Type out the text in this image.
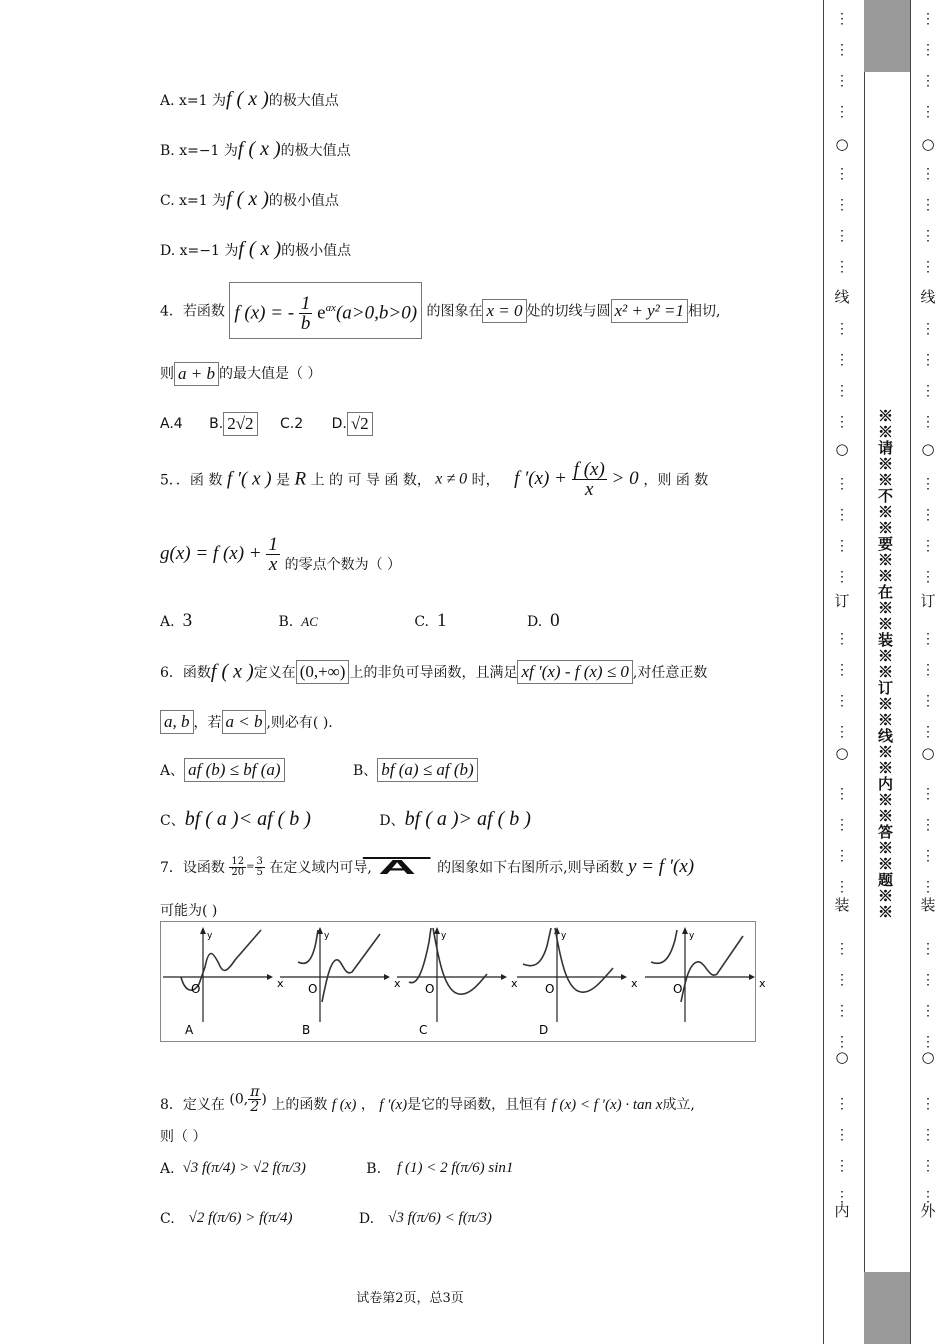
A. x=1 为f ( x )的极大值点
B. x=−1 为f ( x )的极大值点
C. x=1 为f ( x )的极小值点
D. x=−1 为f ( x )的极小值点
4．若函数 f (x) = - $\frac{1}{b} e^{ax}(a>0,b>0)$ 的图象在 x = 0 处的切线与圆 x² + y² =1 相切,
则 a + b 的最大值是（ ）
A.4 B. 2√2 C.2 D. √2
5．．函 数 f ′( x ) 是 R 上 的 可 导 函 数， x ≠ 0 时， f $'(x) + \frac{f (x)}{x} > 0$ ，则 函 数
g(x) = f $(x) + \frac{1}{x}$ 的零点个数为（ ）
A. 3	B. AC	C. 1	D. 0
6．函数f ( x )定义在 (0,+∞) 上的非负可导函数，且满足 xf ′(x) - f (x) ≤ 0 ,对任意正数
a, b ，若 a < b ,则必有( ).
A、 af (b) ≤ bf (a)	B、 bf (a) ≤ af (b)
C、bf ( a )< af ( b )	D、bf ( a )> af ( b )
7．设函数 $\frac{12}{20} = \frac{3}{5}$ 在定义域内可导, A 的图象如下右图所示,则导函数 y = f ′(x)
可能为( )
x
y
O
A
x
y
O
B
x
y
O
C
x
y
O
D
x
y
O
8．定义在 (0, $\frac{\pi}{2}$ ) 上的函数 f (x) ， f ′(x)是它的导函数，且恒有 f (x) < f ′(x) · tan x成立,
则（ ）
A. √3 f(π/4) > √2 f(π/3)	B. f (1) < 2 f(π/6) sin1
C. √2 f(π/6) > f(π/4)	D. √3 f(π/6) < f(π/3)
试卷第2页，总3页
⋮
⋮
⋮
⋮
⋮
⋮
⋮
⋮
⋮
⋮
⋮
⋮
⋮
⋮
⋮
⋮
⋮
⋮
⋮
⋮
⋮
⋮
⋮
⋮
⋮
⋮
⋮
⋮
⋮
⋮
⋮
⋮
○
○
○
○
线
订
装
内
⋮
⋮
⋮
⋮
⋮
⋮
⋮
⋮
⋮
⋮
⋮
⋮
⋮
⋮
⋮
⋮
⋮
⋮
⋮
⋮
⋮
⋮
⋮
⋮
⋮
⋮
⋮
⋮
⋮
⋮
⋮
⋮
○
○
○
○
线
订
装
外
※※请※※不※※要※※在※※装※※订※※线※※内※※答※※题※※
